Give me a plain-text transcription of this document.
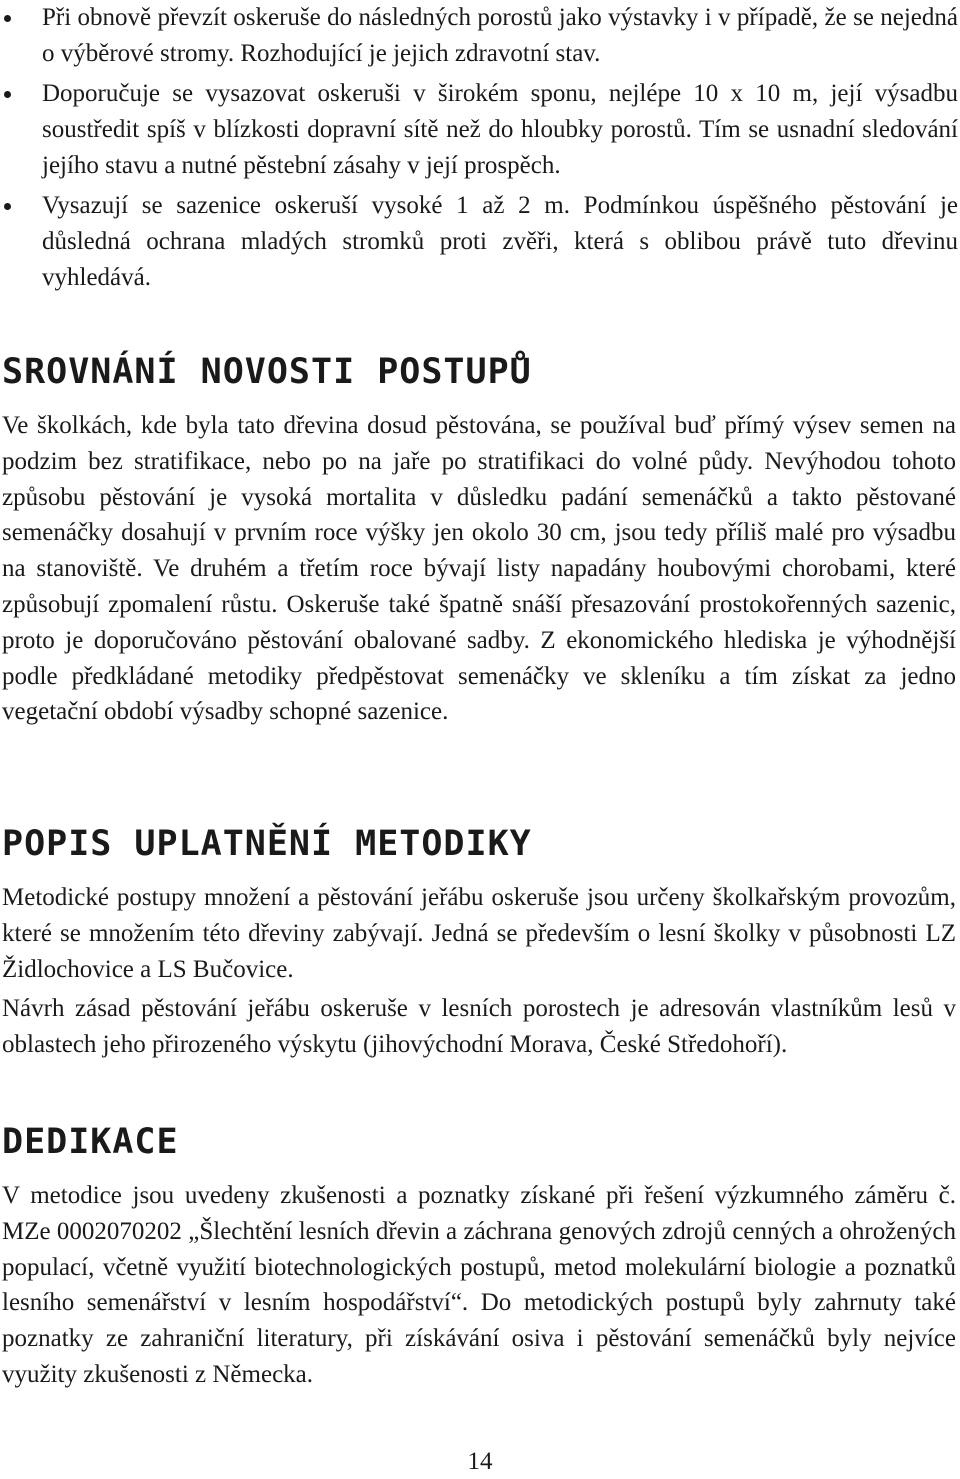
Při obnově převzít oskeruše do následných porostů jako výstavky i v případě, že se nejedná o výběrové stromy. Rozhodující je jejich zdravotní stav.
Doporučuje se vysazovat oskeruši v širokém sponu, nejlépe 10 x 10 m, její výsadbu soustředit spíš v blízkosti dopravní sítě než do hloubky porostů. Tím se usnadní sledování jejího stavu a nutné pěstební zásahy v její prospěch.
Vysazují se sazenice oskeruší vysoké 1 až 2 m. Podmínkou úspěšného pěstování je důsledná ochrana mladých stromků proti zvěři, která s oblibou právě tuto dřevinu vyhledává.
SROVNÁNÍ NOVOSTI POSTUPŮ

Ve školkách, kde byla tato dřevina dosud pěstována, se používal buď přímý výsev semen na podzim bez stratifikace, nebo po na jaře po stratifikaci do volné půdy. Nevýhodou tohoto způsobu pěstování je vysoká mortalita v důsledku padání semenáčků a takto pěstované semenáčky dosahují v prvním roce výšky jen okolo 30 cm, jsou tedy příliš malé pro výsadbu na stanoviště. Ve druhém a třetím roce bývají listy napadány houbovými chorobami, které způsobují zpomalení růstu. Oskeruše také špatně snáší přesazování prostokořenných sazenic, proto je doporučováno pěstování obalované sadby. Z ekonomického hlediska je výhodnější podle předkládané metodiky předpěstovat semenáčky ve skleníku a tím získat za jedno vegetační období výsadby schopné sazenice.

POPIS UPLATNĚNÍ METODIKY

Metodické postupy množení a pěstování jeřábu oskeruše jsou určeny školkařským provozům, které se množením této dřeviny zabývají. Jedná se především o lesní školky v působnosti LZ Židlochovice a LS Bučovice.

Návrh zásad pěstování jeřábu oskeruše v lesních porostech je adresován vlastníkům lesů v oblastech jeho přirozeného výskytu (jihovýchodní Morava, České Středohoří).

DEDIKACE

V metodice jsou uvedeny zkušenosti a poznatky získané při řešení výzkumného záměru č. MZe 0002070202 „Šlechtění lesních dřevin a záchrana genových zdrojů cenných a ohrožených populací, včetně využití biotechnologických postupů, metod molekulární biologie a poznatků lesního semenářství v lesním hospodářství“. Do metodických postupů byly zahrnuty také poznatky ze zahraniční literatury, při získávání osiva i pěstování semenáčků byly nejvíce využity zkušenosti z Německa.

14
